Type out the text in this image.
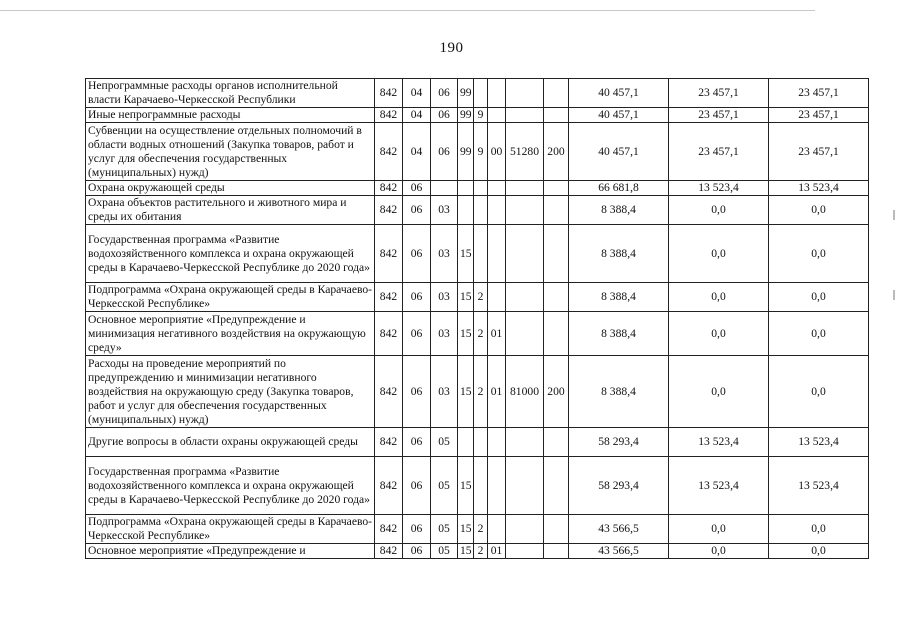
190
Непрограммные расходы органов исполнительной власти Карачаево-Черкесской Республики	842	04	06	99					40 457,1	23 457,1	23 457,1
Иные непрограммные расходы	842	04	06	99	9				40 457,1	23 457,1	23 457,1
Субвенции на осуществление отдельных полномочий в области водных отношений (Закупка товаров, работ и услуг для обеспечения государственных (муниципальных) нужд)	842	04	06	99	9	00	51280	200	40 457,1	23 457,1	23 457,1
Охрана окружающей среды	842	06							66 681,8	13 523,4	13 523,4
Охрана объектов растительного и животного мира и среды их обитания	842	06	03						8 388,4	0,0	0,0
Государственная программа «Развитие водохозяйственного комплекса и охрана окружающей среды в Карачаево-Черкесской Республике до 2020 года»	842	06	03	15					8 388,4	0,0	0,0
Подпрограмма «Охрана окружающей среды в Карачаево-Черкесской Республике»	842	06	03	15	2				8 388,4	0,0	0,0
Основное мероприятие «Предупреждение и минимизация негативного воздействия на окружающую среду»	842	06	03	15	2	01			8 388,4	0,0	0,0
Расходы на проведение мероприятий по предупреждению и минимизации негативного воздействия на окружающую среду (Закупка товаров, работ и услуг для обеспечения государственных (муниципальных) нужд)	842	06	03	15	2	01	81000	200	8 388,4	0,0	0,0
Другие вопросы в области охраны окружающей среды	842	06	05						58 293,4	13 523,4	13 523,4
Государственная программа «Развитие водохозяйственного комплекса и охрана окружающей среды в Карачаево-Черкесской Республике до 2020 года»	842	06	05	15					58 293,4	13 523,4	13 523,4
Подпрограмма «Охрана окружающей среды в Карачаево-Черкесской Республике»	842	06	05	15	2				43 566,5	0,0	0,0
Основное мероприятие «Предупреждение и	842	06	05	15	2	01			43 566,5	0,0	0,0
